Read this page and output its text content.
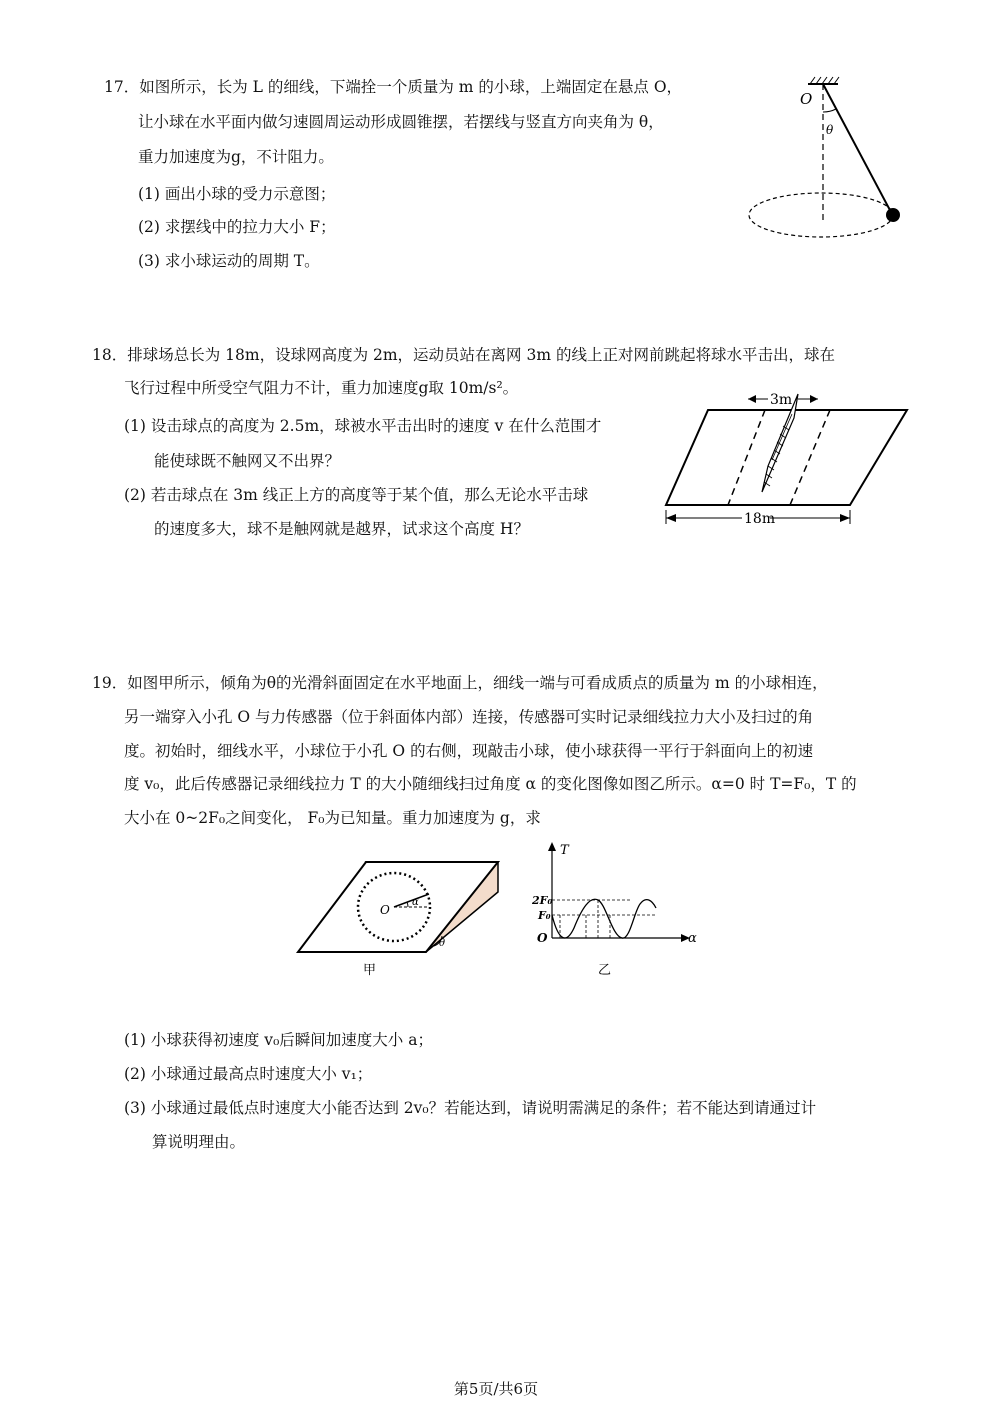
17．如图所示，长为 L 的细线，下端拴一个质量为 m 的小球，上端固定在悬点 O，
让小球在水平面内做匀速圆周运动形成圆锥摆，若摆线与竖直方向夹角为 θ，
重力加速度为g，不计阻力。
(1) 画出小球的受力示意图；
(2) 求摆线中的拉力大小 F；
(3) 求小球运动的周期 T。
O
θ
18．排球场总长为 18m，设球网高度为 2m，运动员站在离网 3m 的线上正对网前跳起将球水平击出，球在
飞行过程中所受空气阻力不计，重力加速度g取 10m/s²。
(1) 设击球点的高度为 2.5m，球被水平击出时的速度 v 在什么范围才
能使球既不触网又不出界？
(2) 若击球点在 3m 线正上方的高度等于某个值，那么无论水平击球
的速度多大，球不是触网就是越界，试求这个高度 H？
3m
18m
19．如图甲所示，倾角为θ的光滑斜面固定在水平地面上，细线一端与可看成质点的质量为 m 的小球相连，
另一端穿入小孔 O 与力传感器（位于斜面体内部）连接，传感器可实时记录细线拉力大小及扫过的角
度。初始时，细线水平，小球位于小孔 O 的右侧，现敲击小球，使小球获得一平行于斜面向上的初速
度 v₀，此后传感器记录细线拉力 T 的大小随细线扫过角度 α 的变化图像如图乙所示。α=0 时 T=F₀，T 的
大小在 0~2F₀之间变化， F₀为已知量。重力加速度为 g，求
θ
O
α
甲
T
α
O
2F₀
F₀
乙
(1) 小球获得初速度 v₀后瞬间加速度大小 a；
(2) 小球通过最高点时速度大小 v₁；
(3) 小球通过最低点时速度大小能否达到 2v₀？若能达到，请说明需满足的条件；若不能达到请通过计
算说明理由。
第5页/共6页
